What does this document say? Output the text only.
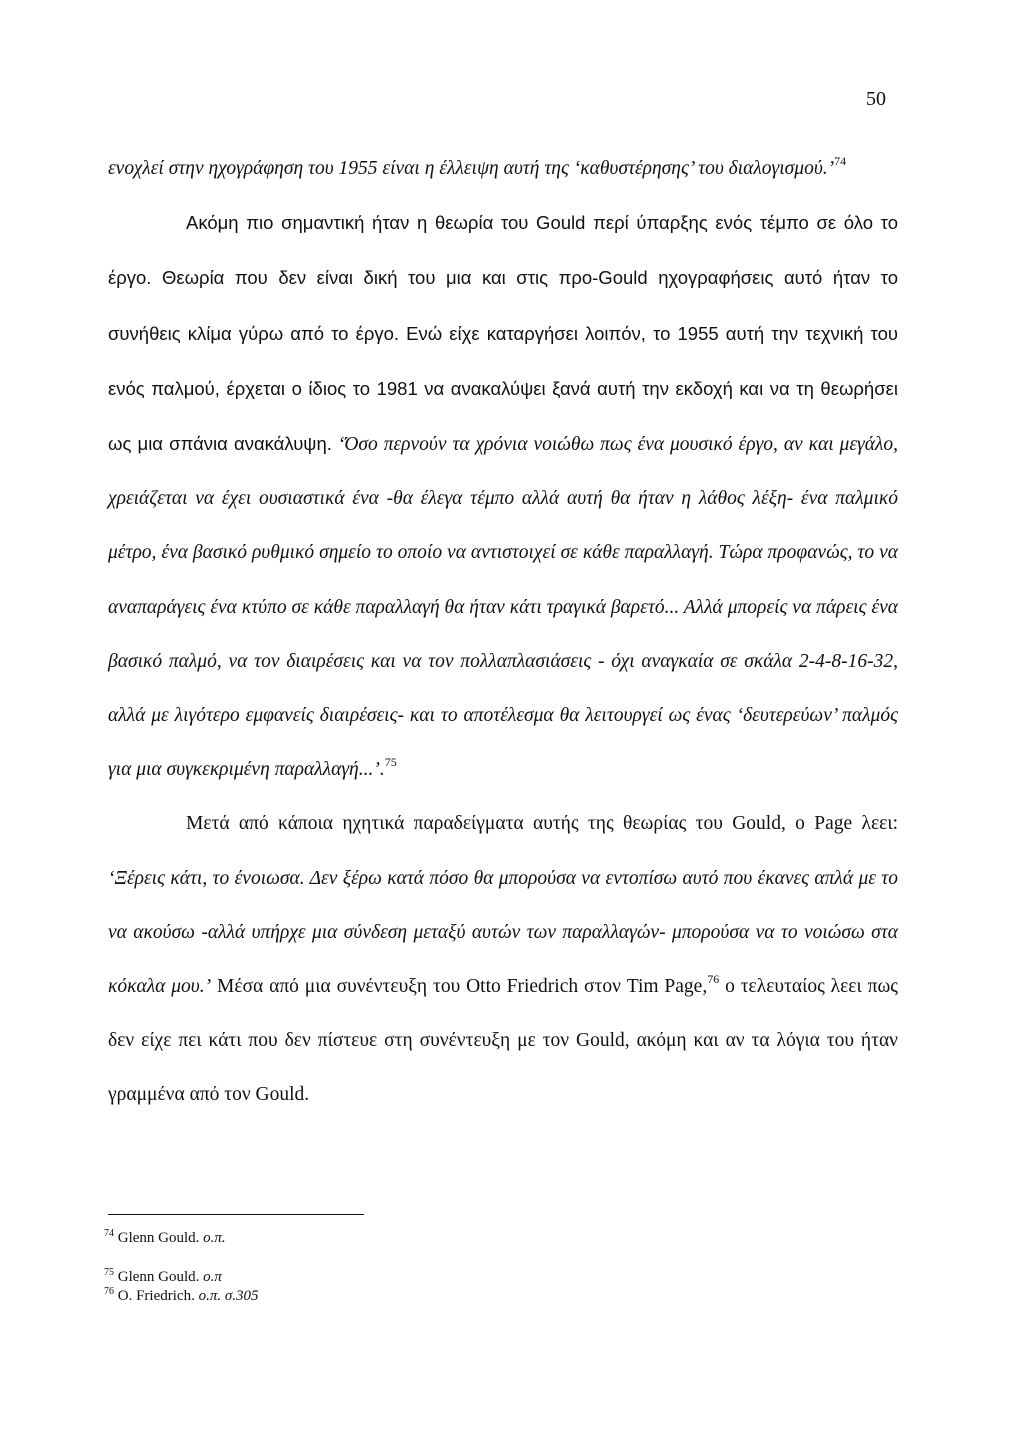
50

ενοχλεί στην ηχογράφηση του 1955 είναι η έλλειψη αυτή της ‘καθυστέρησης’ του διαλογισμού.’$^{74}$

Ακόμη πιο σημαντική ήταν η θεωρία του Gould περί ύπαρξης ενός τέμπο σε όλο το έργο. Θεωρία που δεν είναι δική του μια και στις προ-Gould ηχογραφήσεις αυτό ήταν το συνήθεις κλίμα γύρω από το έργο. Ενώ είχε καταργήσει λοιπόν, το 1955 αυτή την τεχνική του ενός παλμού, έρχεται ο ίδιος το 1981 να ανακαλύψει ξανά αυτή την εκδοχή και να τη θεωρήσει ως μια σπάνια ανακάλυψη. ‘Όσο περνούν τα χρόνια νοιώθω πως ένα μουσικό έργο, αν και μεγάλο, χρειάζεται να έχει ουσιαστικά ένα -θα έλεγα τέμπο αλλά αυτή θα ήταν η λάθος λέξη- ένα παλμικό μέτρο, ένα βασικό ρυθμικό σημείο το οποίο να αντιστοιχεί σε κάθε παραλλαγή. Τώρα προφανώς, το να αναπαράγεις ένα κτύπο σε κάθε παραλλαγή θα ήταν κάτι τραγικά βαρετό... Αλλά μπορείς να πάρεις ένα βασικό παλμό, να τον διαιρέσεις και να τον πολλαπλασιάσεις - όχι αναγκαία σε σκάλα 2-4-8-16-32, αλλά με λιγότερο εμφανείς διαιρέσεις- και το αποτέλεσμα θα λειτουργεί ως ένας ‘δευτερεύων’ παλμός για μια συγκεκριμένη παραλλαγή...’.$^{75}$

Μετά από κάποια ηχητικά παραδείγματα αυτής της θεωρίας του Gould, ο Page λεει: ‘Ξέρεις κάτι, το ένοιωσα. Δεν ξέρω κατά πόσο θα μπορούσα να εντοπίσω αυτό που έκανες απλά με το να ακούσω -αλλά υπήρχε μια σύνδεση μεταξύ αυτών των παραλλαγών- μπορούσα να το νοιώσω στα κόκαλα μου.’ Μέσα από μια συνέντευξη του Otto Friedrich στον Tim Page,$^{76}$ ο τελευταίος λεει πως δεν είχε πει κάτι που δεν πίστευε στη συνέντευξη με τον Gould, ακόμη και αν τα λόγια του ήταν γραμμένα από τον Gould.

$^{74}$ Glenn Gould. ο.π.
$^{75}$ Glenn Gould. ο.π
$^{76}$ O. Friedrich. ο.π. σ.305
